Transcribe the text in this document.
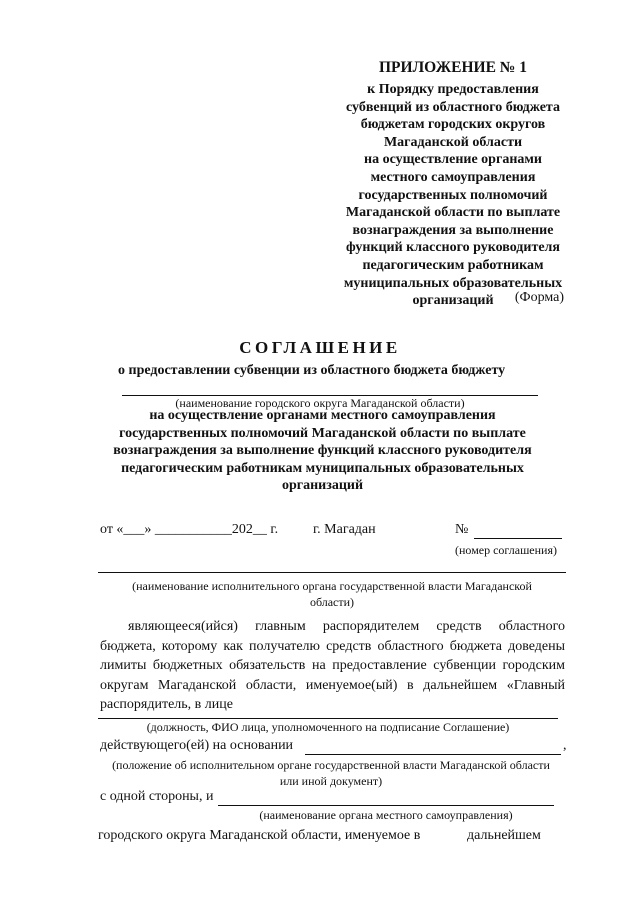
ПРИЛОЖЕНИЕ № 1
к Порядку предоставления
субвенций из областного бюджета
бюджетам городских округов
Магаданской области
на осуществление органами
местного самоуправления
государственных полномочий
Магаданской области по выплате
вознаграждения за выполнение
функций классного руководителя
педагогическим работникам
муниципальных образовательных
организаций	(Форма)
СОГЛАШЕНИЕ
о предоставлении субвенции из областного бюджета бюджету
(наименование городского округа Магаданской области)
на осуществление органами местного самоуправления
государственных полномочий Магаданской области по выплате
вознаграждения за выполнение функций классного руководителя
педагогическим работникам муниципальных образовательных
организаций
от «___» ___________202__ г. г. Магадан	№
(номер соглашения)
(наименование исполнительного органа государственной власти Магаданской
области)
являющееся(ийся) главным распорядителем средств областного
бюджета, которому как получателю средств областного бюджета доведены лимиты бюджетных обязательств на предоставление субвенции городским округам Магаданской области, именуемое(ый) в дальнейшем «Главный распорядитель, в лице
(должность, ФИО лица, уполномоченного на подписание Соглашение)
действующего(ей) на основании	,
(положение об исполнительном органе государственной власти Магаданской области
или иной документ)
с одной стороны, и
(наименование органа местного самоуправления)
городского округа Магаданской области, именуемое в	дальнейшем
